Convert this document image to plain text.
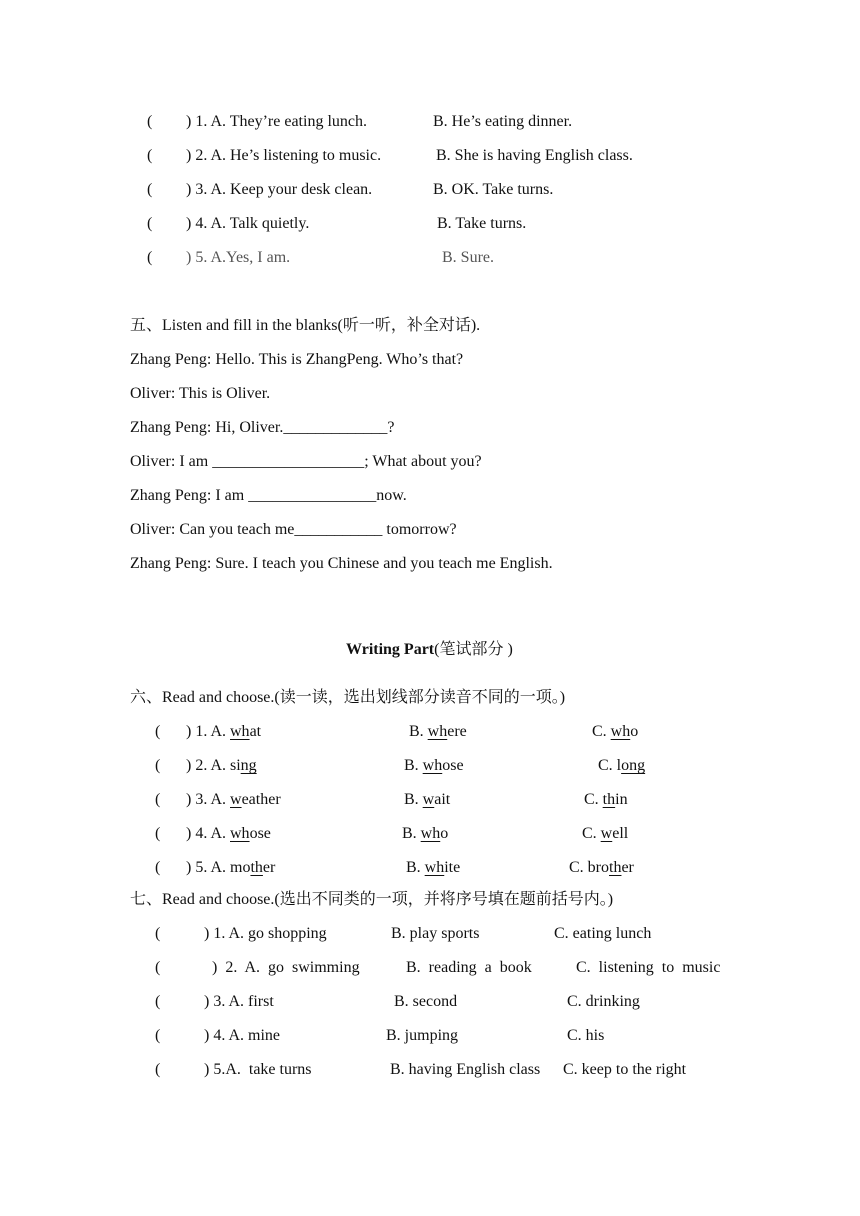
( ) 1. A. They’re eating lunch.	B. He’s eating dinner.
( ) 2. A. He’s listening to music.	B. She is having English class.
( ) 3. A. Keep your desk clean.	B. OK. Take turns.
( ) 4. A. Talk quietly.	B. Take turns.
( ) 5. A.Yes, I am.	B. Sure.
五、Listen and fill in the blanks(听一听，补全对话).
Zhang Peng: Hello. This is ZhangPeng. Who’s that?
Oliver: This is Oliver.
Zhang Peng: Hi, Oliver._____________?
Oliver: I am ___________________; What about you?
Zhang Peng: I am ________________now.
Oliver: Can you teach me___________ tomorrow?
Zhang Peng: Sure. I teach you Chinese and you teach me English.

Writing Part(笔试部分 )

六、Read and choose.(读一读，选出划线部分读音不同的一项。)
( ) 1. A. what	B. where	C. who
( ) 2. A. sing	B. whose	C. long
( ) 3. A. weather	B. wait	C. thin
( ) 4. A. whose	B. who	C. well
( ) 5. A. mother	B. white	C. brother
七、Read and choose.(选出不同类的一项，并将序号填在题前括号内。)
(	) 1. A. go shopping	B. play sports	C. eating lunch
(	)  2.  A.  go  swimming	B.  reading  a  book	C.  listening  to  music
(	) 3. A. first	B. second	C. drinking
(	) 4. A. mine	B. jumping	C. his
(	) 5.A.  take turns	B. having English class C. keep to the right
